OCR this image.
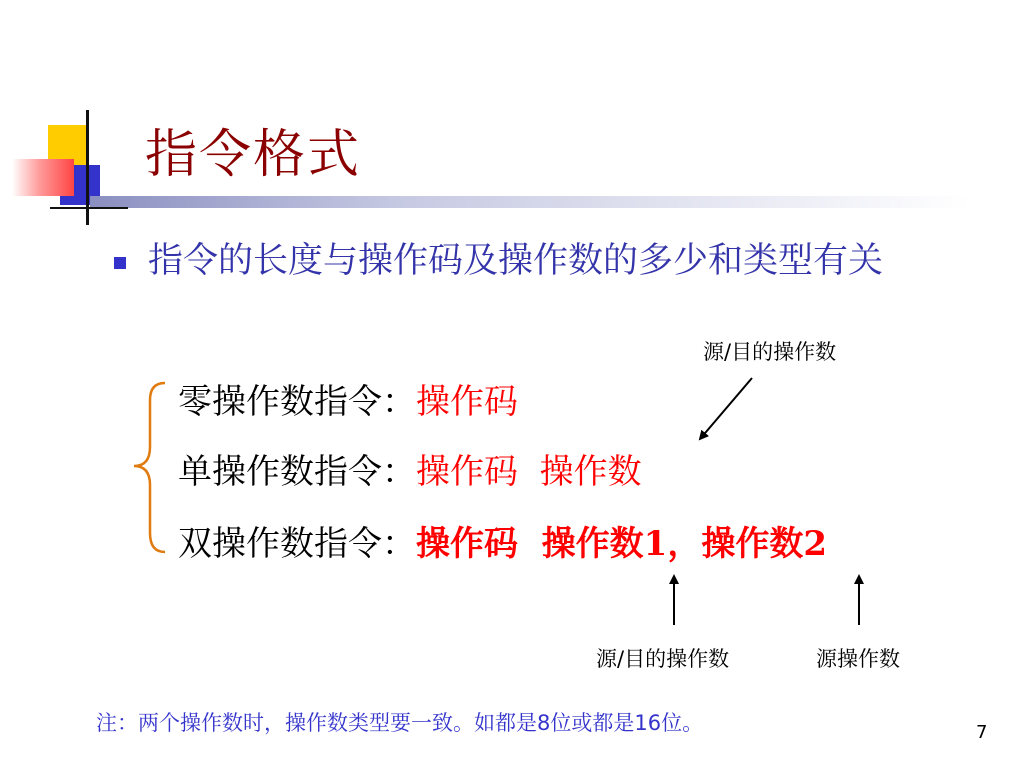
指令格式
指令的长度与操作码及操作数的多少和类型有关
零操作数指令：操作码
单操作数指令：操作码  操作数
双操作数指令：操作码  操作数1，操作数2
源/目的操作数
源/目的操作数	源操作数
注：两个操作数时，操作数类型要一致。如都是8位或都是16位。	7
